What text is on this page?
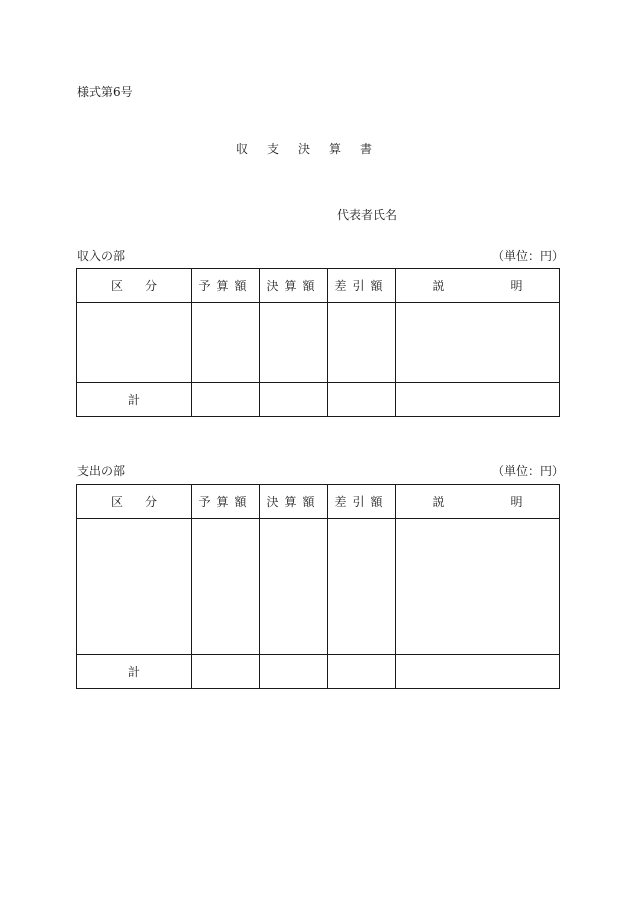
様式第6号
収 支 決 算 書
代表者氏名
収入の部	（単位：円）
区 分	予算額	決算額	差引額	説 明

計				
支出の部	（単位：円）
区 分	予算額	決算額	差引額	説 明

計				
